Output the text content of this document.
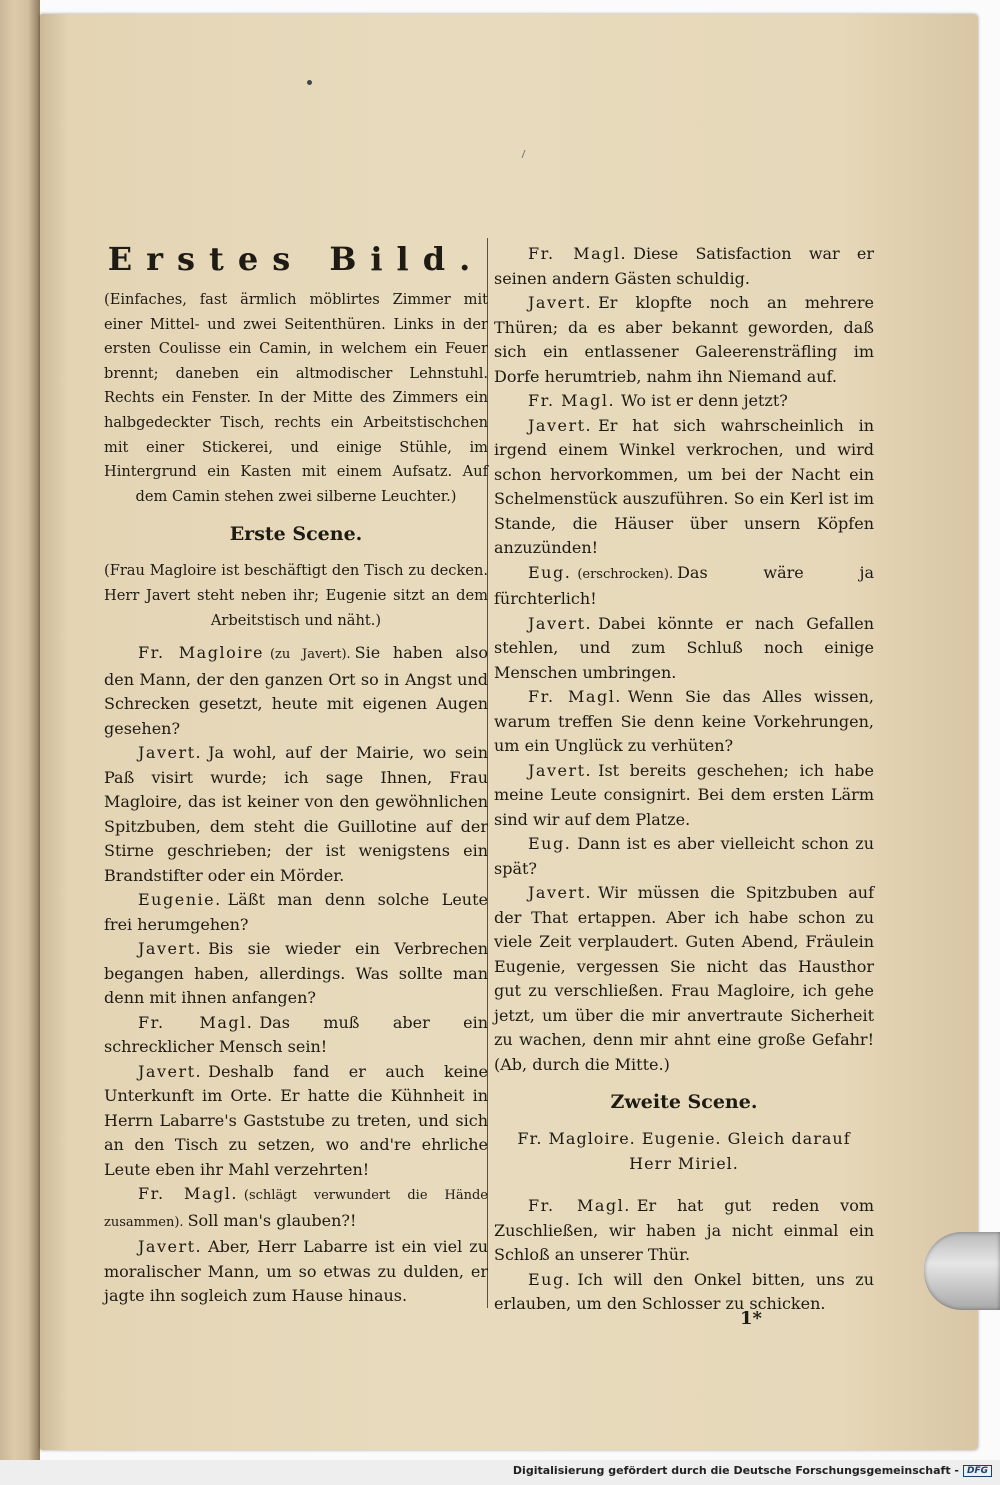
Erstes Bild.
(Einfaches, fast ärmlich möblirtes Zimmer mit einer Mittel- und zwei Seitenthüren. Links in der ersten Coulisse ein Camin, in welchem ein Feuer brennt; daneben ein altmodischer Lehnstuhl. Rechts ein Fenster. In der Mitte des Zimmers ein halbgedeckter Tisch, rechts ein Arbeitstischchen mit einer Stickerei, und einige Stühle, im Hintergrund ein Kasten mit einem Aufsatz. Auf dem Camin stehen zwei silberne Leuchter.)
Erste Scene.
(Frau Magloire ist beschäftigt den Tisch zu decken. Herr Javert steht neben ihr; Eugenie sitzt an dem Arbeitstisch und näht.)

Fr. Magloire (zu Javert). Sie haben also den Mann, der den ganzen Ort so in Angst und Schrecken gesetzt, heute mit eigenen Augen gesehen?

Javert. Ja wohl, auf der Mairie, wo sein Paß visirt wurde; ich sage Ihnen, Frau Magloire, das ist keiner von den gewöhnlichen Spitzbuben, dem steht die Guillotine auf der Stirne geschrieben; der ist wenigstens ein Brandstifter oder ein Mörder.

Eugenie. Läßt man denn solche Leute frei herumgehen?

Javert. Bis sie wieder ein Verbrechen begangen haben, allerdings. Was sollte man denn mit ihnen anfangen?

Fr. Magl. Das muß aber ein schrecklicher Mensch sein!

Javert. Deshalb fand er auch keine Unterkunft im Orte. Er hatte die Kühnheit in Herrn Labarre's Gaststube zu treten, und sich an den Tisch zu setzen, wo and're ehrliche Leute eben ihr Mahl verzehrten!

Fr. Magl. (schlägt verwundert die Hände zusammen). Soll man's glauben?!

Javert. Aber, Herr Labarre ist ein viel zu moralischer Mann, um so etwas zu dulden, er jagte ihn sogleich zum Hause hinaus.

Fr. Magl. Diese Satisfaction war er seinen andern Gästen schuldig.

Javert. Er klopfte noch an mehrere Thüren; da es aber bekannt geworden, daß sich ein entlassener Galeerensträfling im Dorfe herumtrieb, nahm ihn Niemand auf.

Fr. Magl. Wo ist er denn jetzt?

Javert. Er hat sich wahrscheinlich in irgend einem Winkel verkrochen, und wird schon hervorkommen, um bei der Nacht ein Schelmenstück auszuführen. So ein Kerl ist im Stande, die Häuser über unsern Köpfen anzuzünden!

Eug. (erschrocken). Das wäre ja fürchterlich!

Javert. Dabei könnte er nach Gefallen stehlen, und zum Schluß noch einige Menschen umbringen.

Fr. Magl. Wenn Sie das Alles wissen, warum treffen Sie denn keine Vorkehrungen, um ein Unglück zu verhüten?

Javert. Ist bereits geschehen; ich habe meine Leute consignirt. Bei dem ersten Lärm sind wir auf dem Platze.

Eug. Dann ist es aber vielleicht schon zu spät?

Javert. Wir müssen die Spitzbuben auf der That ertappen. Aber ich habe schon zu viele Zeit verplaudert. Guten Abend, Fräulein Eugenie, vergessen Sie nicht das Hausthor gut zu verschließen. Frau Magloire, ich gehe jetzt, um über die mir anvertraute Sicherheit zu wachen, denn mir ahnt eine große Gefahr! (Ab, durch die Mitte.)

Zweite Scene.
Fr. Magloire. Eugenie. Gleich darauf
Herr Miriel.

Fr. Magl. Er hat gut reden vom Zuschließen, wir haben ja nicht einmal ein Schloß an unserer Thür.

Eug. Ich will den Onkel bitten, uns zu erlauben, um den Schlosser zu schicken.

1*
Digitalisierung gefördert durch die Deutsche Forschungsgemeinschaft - DFG
